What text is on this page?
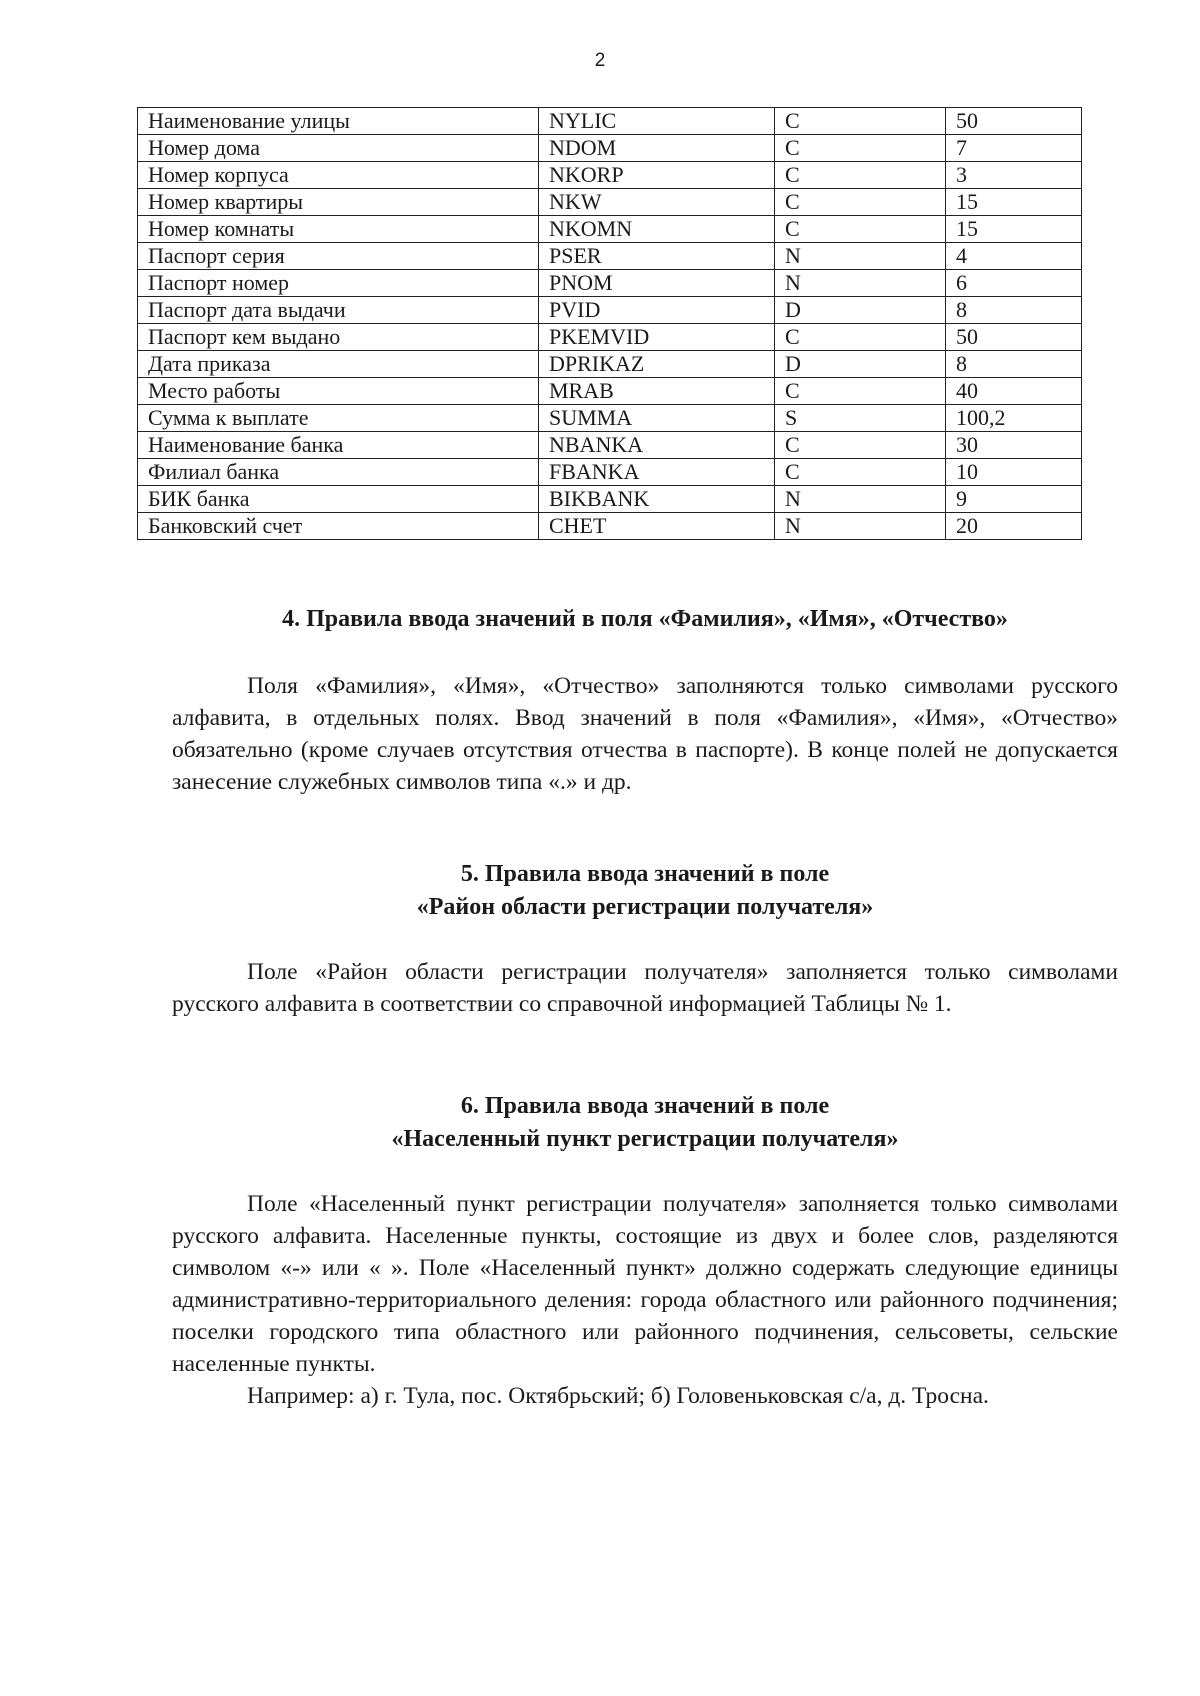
2
Наименование улицы	NYLIC	C	50
Номер дома	NDOM	C	7
Номер корпуса	NKORP	C	3
Номер квартиры	NKW	C	15
Номер комнаты	NKOMN	C	15
Паспорт серия	PSER	N	4
Паспорт номер	PNOM	N	6
Паспорт дата выдачи	PVID	D	8
Паспорт кем выдано	PKEMVID	C	50
Дата приказа	DPRIKAZ	D	8
Место работы	MRAB	C	40
Сумма к выплате	SUMMA	S	100,2
Наименование банка	NBANKA	C	30
Филиал банка	FBANKA	C	10
БИК банка	BIKBANK	N	9
Банковский счет	CHET	N	20

4. Правила ввода значений в поля «Фамилия», «Имя», «Отчество»

Поля «Фамилия», «Имя», «Отчество» заполняются только символами русского алфавита, в отдельных полях. Ввод значений в поля «Фамилия», «Имя», «Отчество» обязательно (кроме случаев отсутствия отчества в паспорте). В конце полей не допускается занесение служебных символов типа «.» и др.

5. Правила ввода значений в поле

«Район области регистрации получателя»

Поле «Район области регистрации получателя» заполняется только символами русского алфавита в соответствии со справочной информацией Таблицы № 1.

6. Правила ввода значений в поле

«Населенный пункт регистрации получателя»

Поле «Населенный пункт регистрации получателя» заполняется только символами русского алфавита. Населенные пункты, состоящие из двух и более слов, разделяются символом «-» или « ». Поле «Населенный пункт» должно содержать следующие единицы административно-территориального деления: города областного или районного подчинения; поселки городского типа областного или районного подчинения, сельсоветы, сельские населенные пункты.

Например: а) г. Тула, пос. Октябрьский; б) Головеньковская с/а, д. Тросна.
